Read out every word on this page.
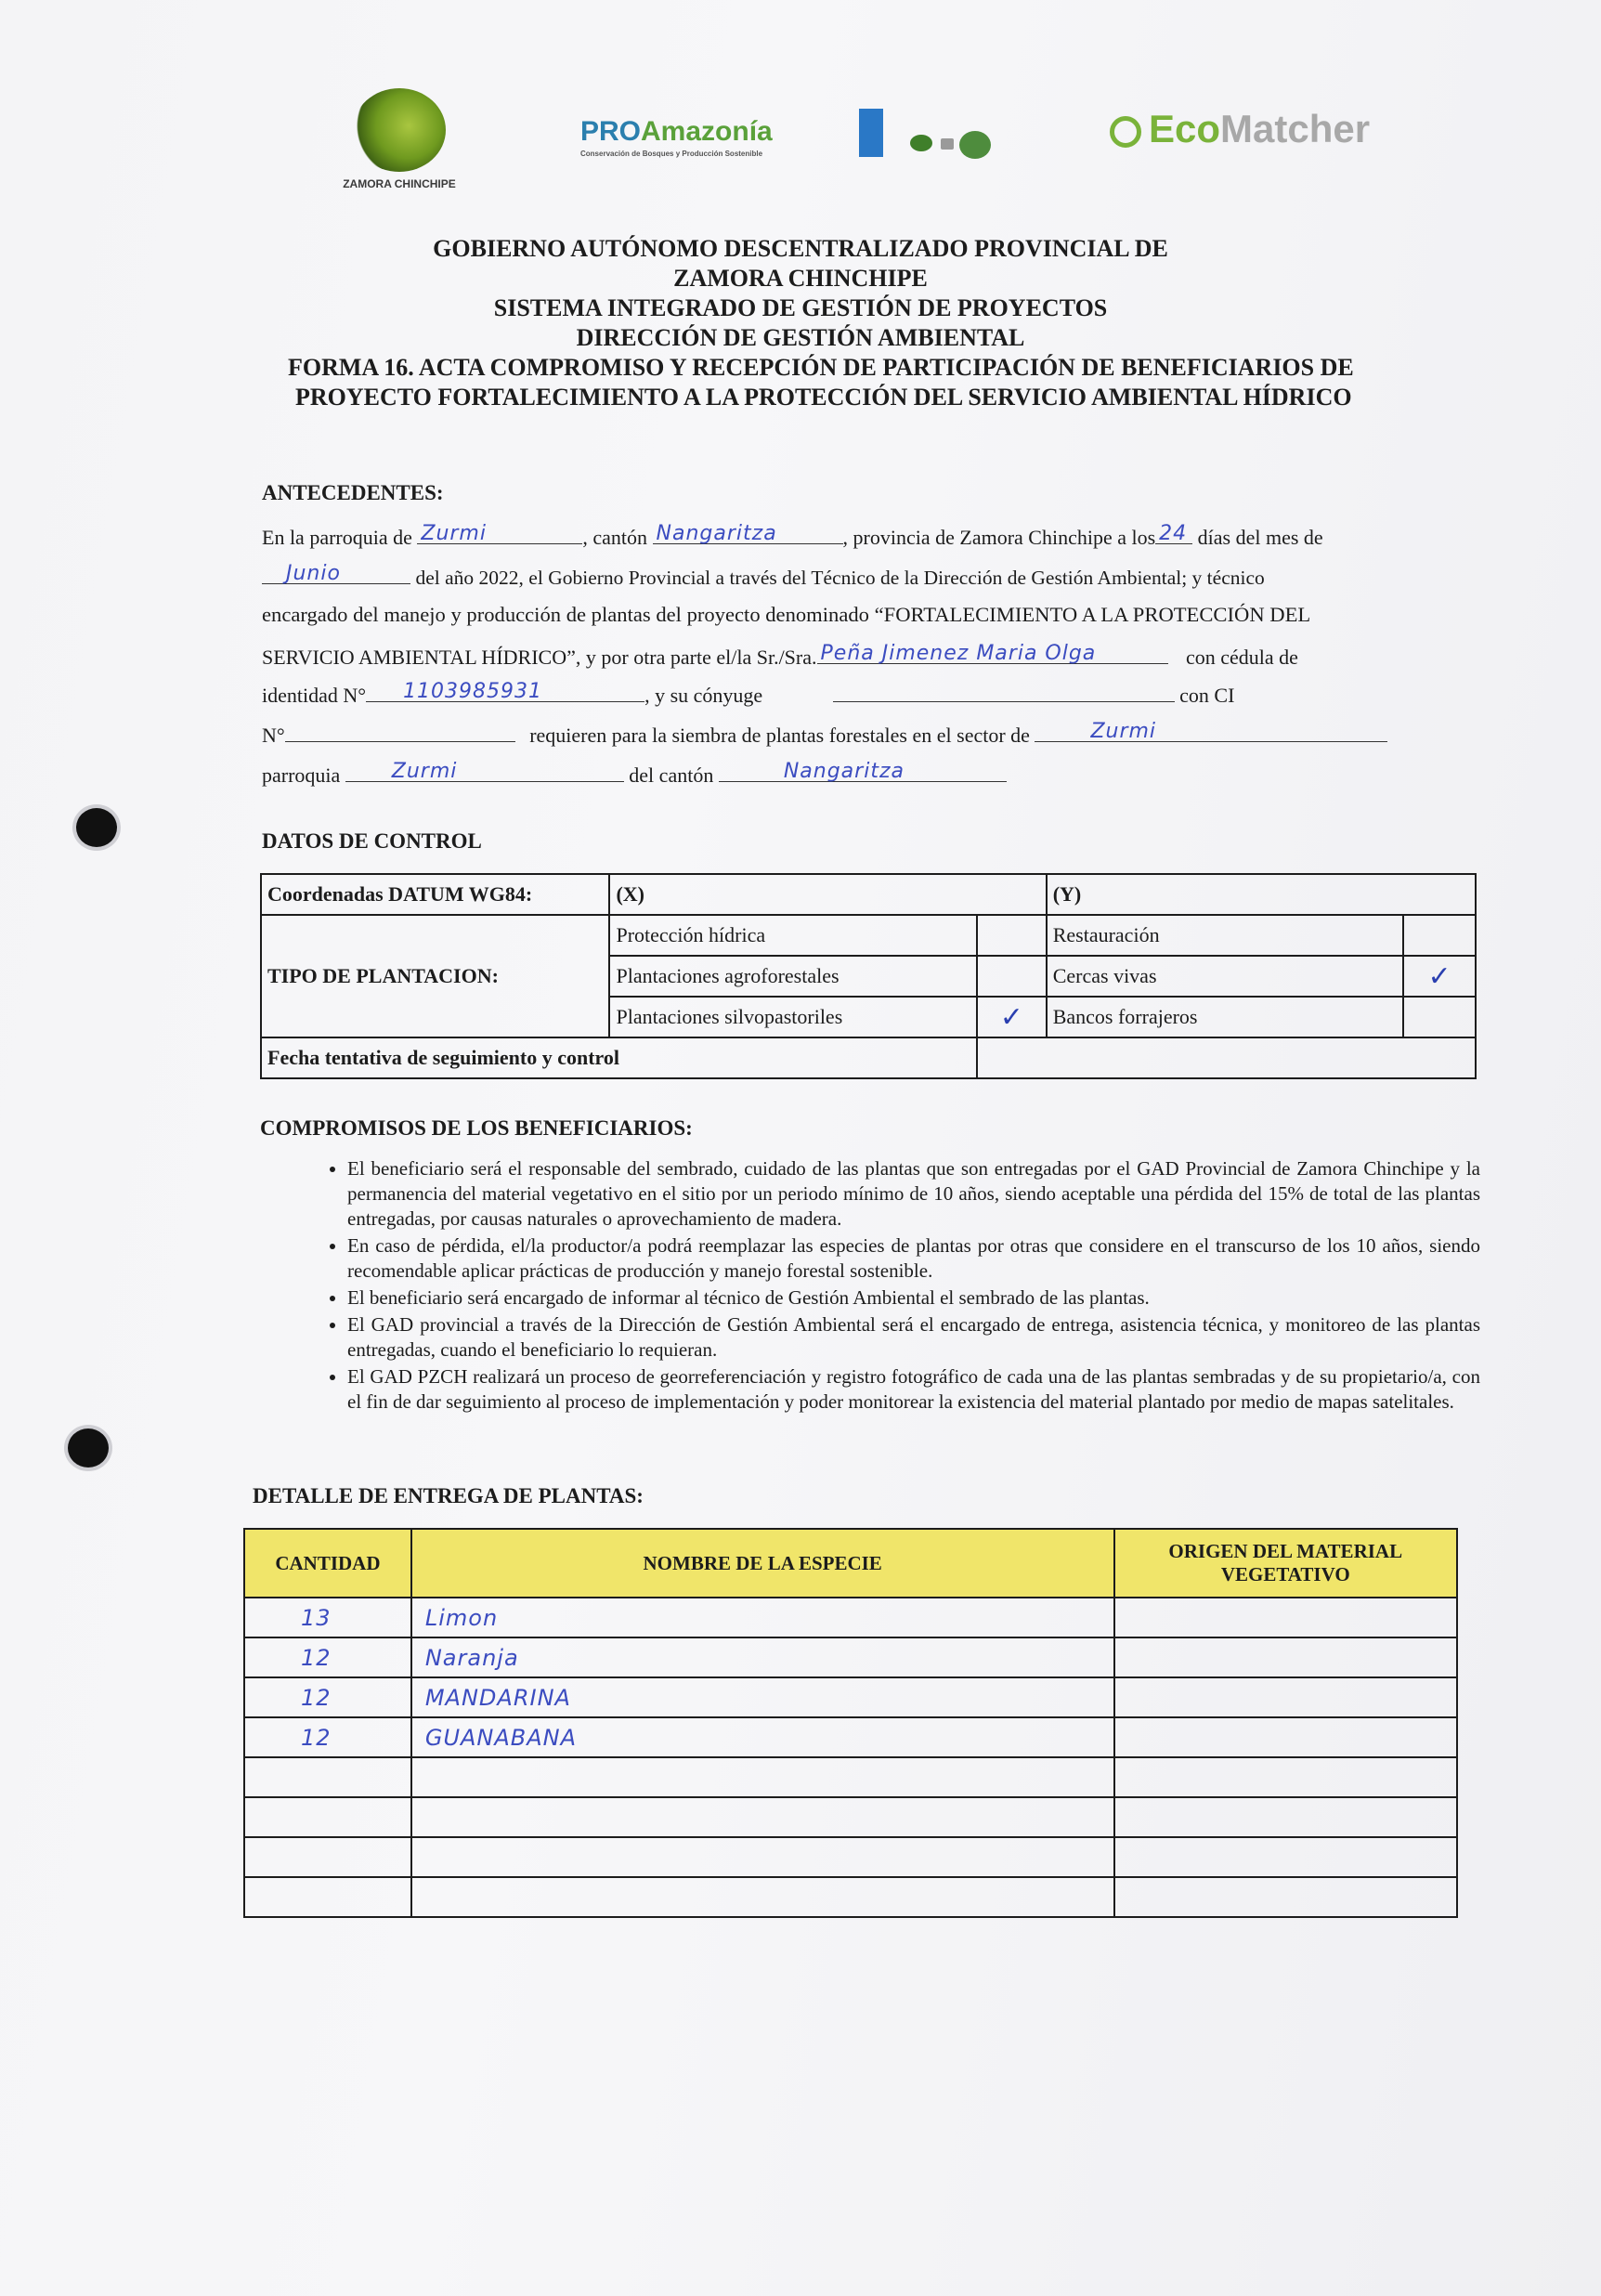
ZAMORA CHINCHIPE
PROAmazonía
Conservación de Bosques y Producción Sostenible
EcoMatcher
GOBIERNO AUTÓNOMO DESCENTRALIZADO PROVINCIAL DE
ZAMORA CHINCHIPE
SISTEMA INTEGRADO DE GESTIÓN DE PROYECTOS
DIRECCIÓN DE GESTIÓN AMBIENTAL
FORMA 16. ACTA COMPROMISO Y RECEPCIÓN DE PARTICIPACIÓN DE BENEFICIARIOS DE
PROYECTO FORTALECIMIENTO A LA PROTECCIÓN DEL SERVICIO AMBIENTAL HÍDRICO
ANTECEDENTES:
En la parroquia de Zurmi	, cantón Nangaritza	, provincia de Zamora Chinchipe a los 24 días del mes de
Junio	del año 2022, el Gobierno Provincial a través del Técnico de la Dirección de Gestión Ambiental; y técnico
encargado del manejo y producción de plantas del proyecto denominado “FORTALECIMIENTO A LA PROTECCIÓN DEL
SERVICIO AMBIENTAL HÍDRICO”, y por otra parte el/la Sr./Sra. Peña Jimenez Maria Olga	con cédula de
identidad N° 1103985931	, y su cónyuge	con CI
N°	requieren para la siembra de plantas forestales en el sector de	Zurmi
parroquia	Zurmi	del cantón	Nangaritza
DATOS DE CONTROL
Coordenadas DATUM WG84:	(X)		(Y)	
TIPO DE PLANTACION:	Protección hídrica		Restauración	
	Plantaciones agroforestales		Cercas vivas	✓
	Plantaciones silvopastoriles	✓	Bancos forrajeros	
Fecha tentativa de seguimiento y control				
COMPROMISOS DE LOS BENEFICIARIOS:
• El beneficiario será el responsable del sembrado, cuidado de las plantas que son entregadas por el GAD Provincial de Zamora Chinchipe y la permanencia del material vegetativo en el sitio por un periodo mínimo de 10 años, siendo aceptable una pérdida del 15% de total de las plantas entregadas, por causas naturales o aprovechamiento de madera.
• En caso de pérdida, el/la productor/a podrá reemplazar las especies de plantas por otras que considere en el transcurso de los 10 años, siendo recomendable aplicar prácticas de producción y manejo forestal sostenible.
• El beneficiario será encargado de informar al técnico de Gestión Ambiental el sembrado de las plantas.
• El GAD provincial a través de la Dirección de Gestión Ambiental será el encargado de entrega, asistencia técnica, y monitoreo de las plantas entregadas, cuando el beneficiario lo requieran.
• El GAD PZCH realizará un proceso de georreferenciación y registro fotográfico de cada una de las plantas sembradas y de su propietario/a, con el fin de dar seguimiento al proceso de implementación y poder monitorear la existencia del material plantado por medio de mapas satelitales.
DETALLE DE ENTREGA DE PLANTAS:
CANTIDAD	NOMBRE DE LA ESPECIE	ORIGEN DEL MATERIAL VEGETATIVO
13	Limon	
12	Naranja	
12	MANDARINA	
12	GUANABANA	
